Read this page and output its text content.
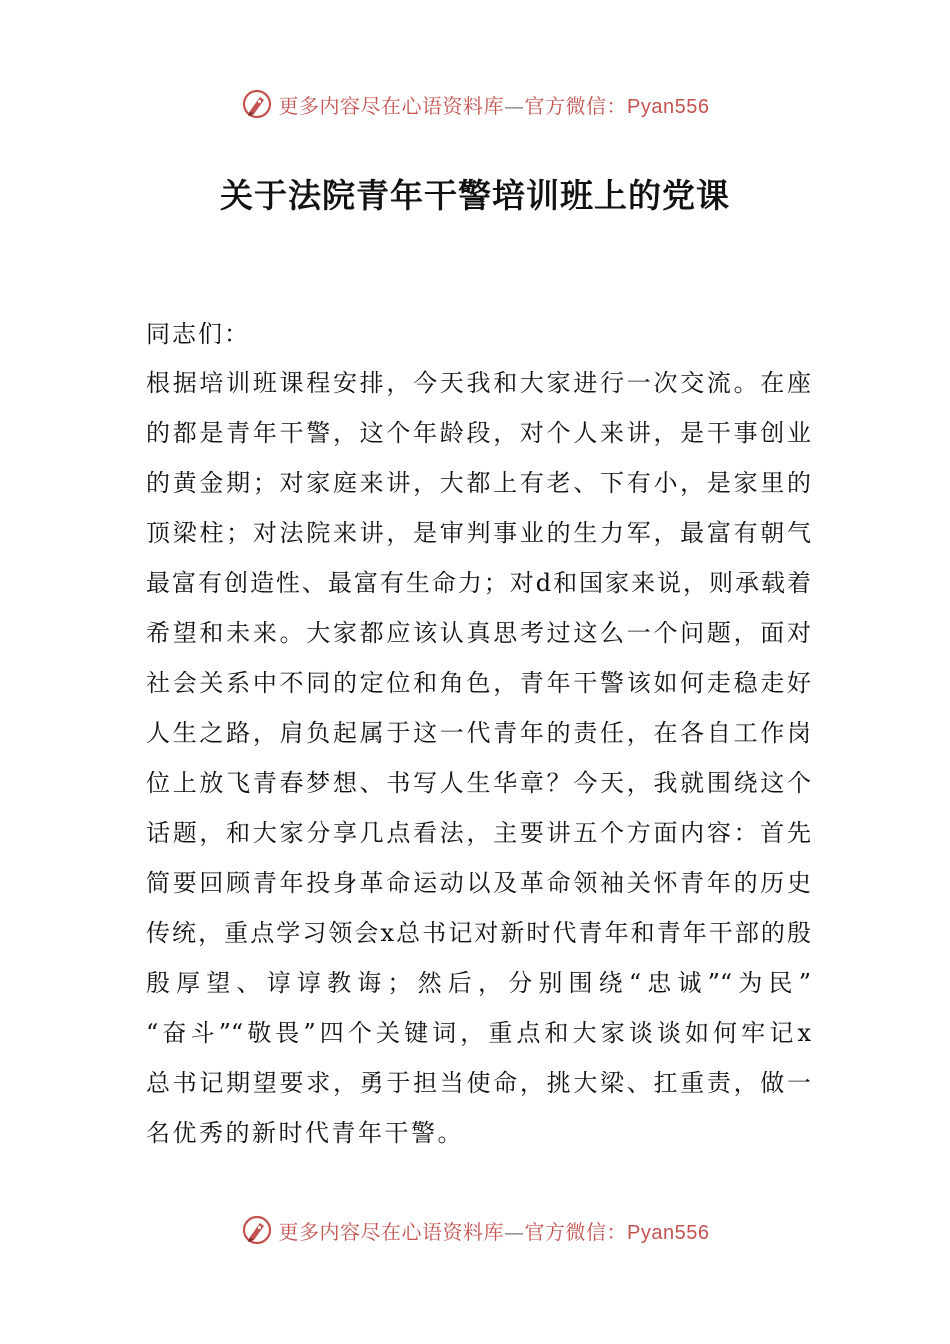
更多内容尽在心语资料库—官方微信：Pyan556
关于法院青年干警培训班上的党课

同志们：

根据培训班课程安排，今天我和大家进行一次交流。在座
的都是青年干警，这个年龄段，对个人来讲，是干事创业
的黄金期；对家庭来讲，大都上有老、下有小，是家里的
顶梁柱；对法院来讲，是审判事业的生力军，最富有朝气
最富有创造性、最富有生命力；对d和国家来说，则承载着
希望和未来。大家都应该认真思考过这么一个问题，面对
社会关系中不同的定位和角色，青年干警该如何走稳走好
人生之路，肩负起属于这一代青年的责任，在各自工作岗
位上放飞青春梦想、书写人生华章？今天，我就围绕这个
话题，和大家分享几点看法，主要讲五个方面内容：首先
简要回顾青年投身革命运动以及革命领袖关怀青年的历史
传统，重点学习领会x总书记对新时代青年和青年干部的殷
殷厚望、谆谆教诲；然后，分别围绕“忠诚”“为民”
“奋斗”“敬畏”四个关键词，重点和大家谈谈如何牢记x
总书记期望要求，勇于担当使命，挑大梁、扛重责，做一
名优秀的新时代青年干警。
更多内容尽在心语资料库—官方微信：Pyan556
